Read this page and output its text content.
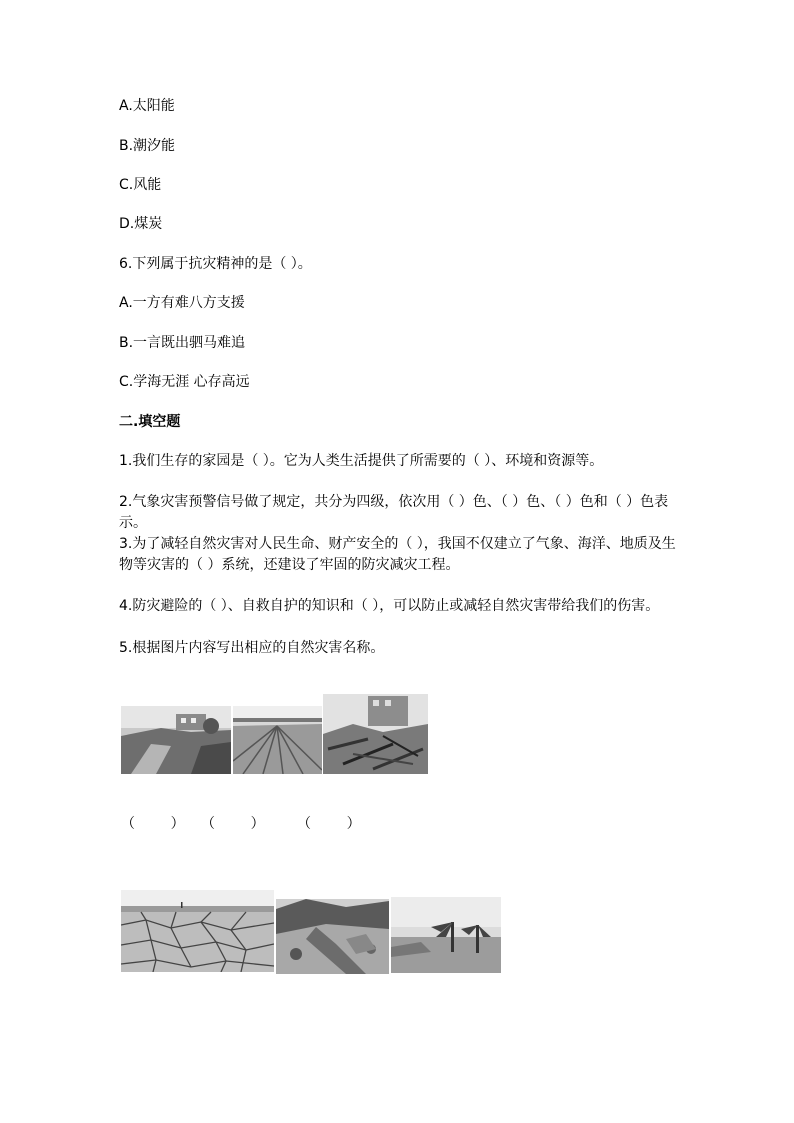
A.太阳能
B.潮汐能
C.风能
D.煤炭
6.下列属于抗灾精神的是（ ）。
A.一方有难八方支援
B.一言既出驷马难追
C.学海无涯 心存高远
二.填空题
1.我们生存的家园是（ ）。它为人类生活提供了所需要的（ ）、环境和资源等。
2.气象灾害预警信号做了规定，共分为四级，依次用（ ）色、（ ）色、（ ）色和（ ）色表示。
3.为了减轻自然灾害对人民生命、财产安全的（ ），我国不仅建立了气象、海洋、地质及生物等灾害的（ ）系统，还建设了牢固的防灾减灾工程。
4.防灾避险的（ ）、自救自护的知识和（ ），可以防止或减轻自然灾害带给我们的伤害。
5.根据图片内容写出相应的自然灾害名称。
（        ） （        ） （        ）
